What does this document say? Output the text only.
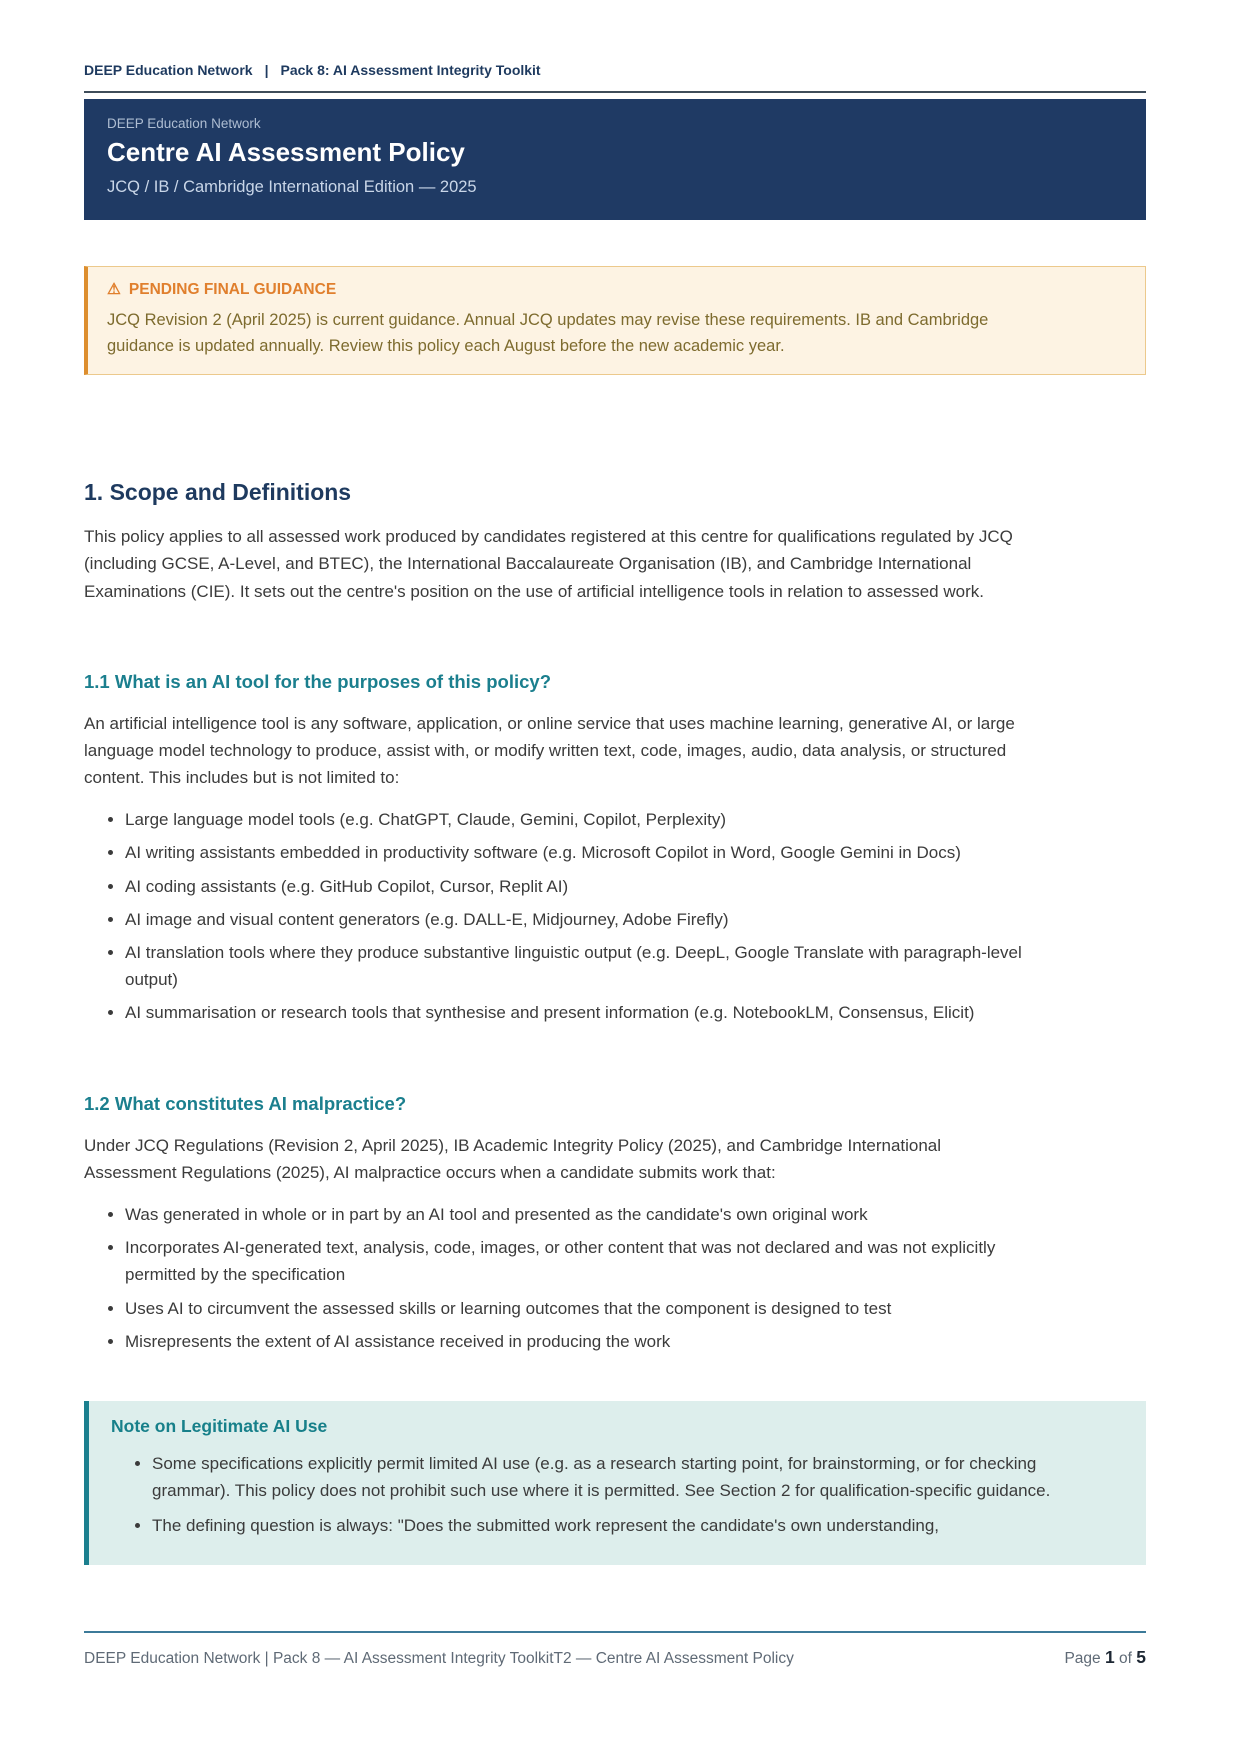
DEEP Education Network | Pack 8: AI Assessment Integrity Toolkit
DEEP Education Network
Centre AI Assessment Policy
JCQ / IB / Cambridge International Edition — 2025
⚠ PENDING FINAL GUIDANCE
JCQ Revision 2 (April 2025) is current guidance. Annual JCQ updates may revise these requirements. IB and Cambridge guidance is updated annually. Review this policy each August before the new academic year.
1. Scope and Definitions

This policy applies to all assessed work produced by candidates registered at this centre for qualifications regulated by JCQ (including GCSE, A-Level, and BTEC), the International Baccalaureate Organisation (IB), and Cambridge International Examinations (CIE). It sets out the centre's position on the use of artificial intelligence tools in relation to assessed work.

1.1 What is an AI tool for the purposes of this policy?

An artificial intelligence tool is any software, application, or online service that uses machine learning, generative AI, or large language model technology to produce, assist with, or modify written text, code, images, audio, data analysis, or structured content. This includes but is not limited to:

• Large language model tools (e.g. ChatGPT, Claude, Gemini, Copilot, Perplexity)
• AI writing assistants embedded in productivity software (e.g. Microsoft Copilot in Word, Google Gemini in Docs)
• AI coding assistants (e.g. GitHub Copilot, Cursor, Replit AI)
• AI image and visual content generators (e.g. DALL-E, Midjourney, Adobe Firefly)
• AI translation tools where they produce substantive linguistic output (e.g. DeepL, Google Translate with paragraph-level output)
• AI summarisation or research tools that synthesise and present information (e.g. NotebookLM, Consensus, Elicit)
1.2 What constitutes AI malpractice?

Under JCQ Regulations (Revision 2, April 2025), IB Academic Integrity Policy (2025), and Cambridge International Assessment Regulations (2025), AI malpractice occurs when a candidate submits work that:

• Was generated in whole or in part by an AI tool and presented as the candidate's own original work
• Incorporates AI-generated text, analysis, code, images, or other content that was not declared and was not explicitly permitted by the specification
• Uses AI to circumvent the assessed skills or learning outcomes that the component is designed to test
• Misrepresents the extent of AI assistance received in producing the work
Note on Legitimate AI Use
• Some specifications explicitly permit limited AI use (e.g. as a research starting point, for brainstorming, or for checking grammar). This policy does not prohibit such use where it is permitted. See Section 2 for qualification-specific guidance.
• The defining question is always: "Does the submitted work represent the candidate's own understanding,
DEEP Education Network | Pack 8 — AI Assessment Integrity ToolkitT2 — Centre AI Assessment Policy	Page 1 of 5
